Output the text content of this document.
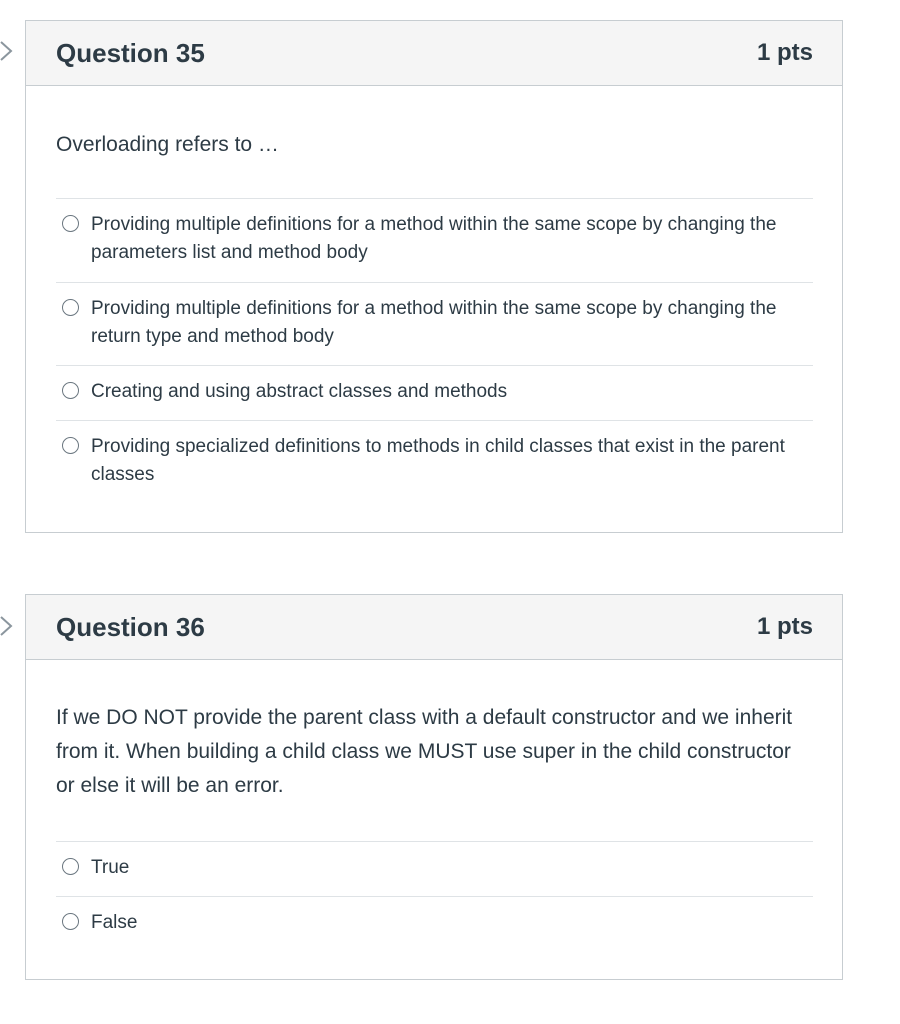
Question 35	1 pts
Overloading refers to …
Providing multiple definitions for a method within the same scope by changing the parameters list and method body
Providing multiple definitions for a method within the same scope by changing the return type and method body
Creating and using abstract classes and methods
Providing specialized definitions to methods in child classes that exist in the parent classes
Question 36	1 pts
If we DO NOT provide the parent class with a default constructor and we inherit from it. When building a child class we MUST use super in the child constructor or else it will be an error.
True
False
